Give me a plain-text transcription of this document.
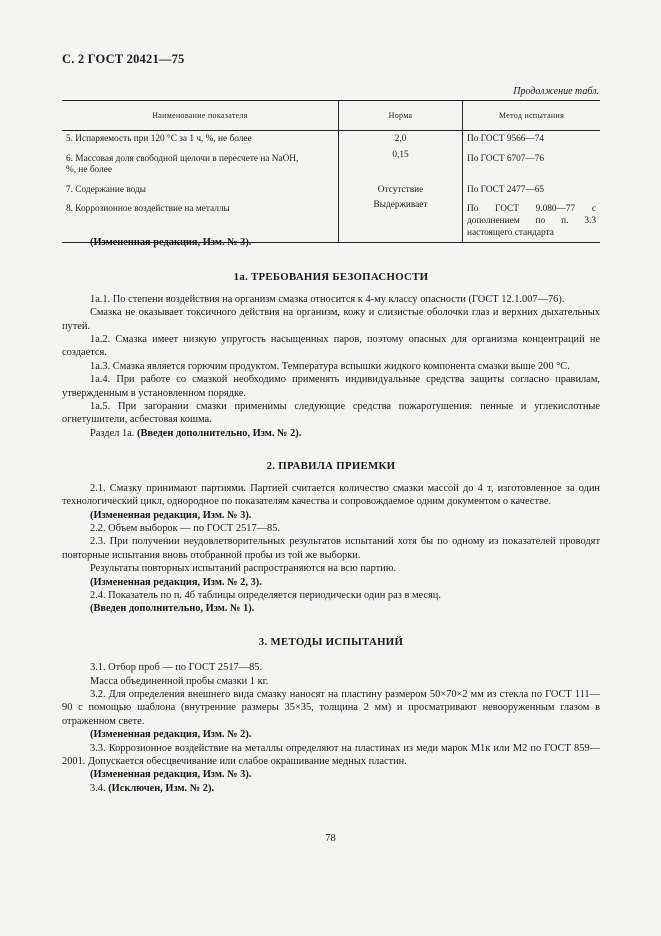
С. 2 ГОСТ 20421—75
Продолжение табл.
Наименование показателя	Норма	Метод испытания
5. Испаряемость при 120 °С за 1 ч, %, не более	2,0	По ГОСТ 9566—74
6. Массовая доля свободной щелочи в пересчете на NaOH, %, не более	0,15	По ГОСТ 6707—76
7. Содержание воды	Отсутствие	По ГОСТ 2477—65
8. Коррозионное воздействие на металлы	Выдерживает	По ГОСТ 9.080—77 с дополнением по п. 3.3 настоящего стандарта

(Измененная редакция, Изм. № 3).

1а. ТРЕБОВАНИЯ БЕЗОПАСНОСТИ

1а.1. По степени воздействия на организм смазка относится к 4-му классу опасности (ГОСТ 12.1.007—76).

Смазка не оказывает токсичного действия на организм, кожу и слизистые оболочки глаз и верхних дыхательных путей.

1а.2. Смазка имеет низкую упругость насыщенных паров, поэтому опасных для организма концентраций не создается.

1а.3. Смазка является горючим продуктом. Температура вспышки жидкого компонента смазки выше 200 °С.

1а.4. При работе со смазкой необходимо применять индивидуальные средства защиты согласно правилам, утвержденным в установленном порядке.

1а.5. При загорании смазки применимы следующие средства пожаротушения: пенные и углекислотные огнетушители, асбестовая кошма.

Раздел 1а. (Введен дополнительно, Изм. № 2).

2. ПРАВИЛА ПРИЕМКИ

2.1. Смазку принимают партиями. Партией считается количество смазки массой до 4 т, изготовленное за один технологический цикл, однородное по показателям качества и сопровождаемое одним документом о качестве.

(Измененная редакция, Изм. № 3).

2.2. Объем выборок — по ГОСТ 2517—85.

2.3. При получении неудовлетворительных результатов испытаний хотя бы по одному из показателей проводят повторные испытания вновь отобранной пробы из той же выборки.

Результаты повторных испытаний распространяются на всю партию.

(Измененная редакция, Изм. № 2, 3).

2.4. Показатель по п. 4б таблицы определяется периодически один раз в месяц.

(Введен дополнительно, Изм. № 1).

3. МЕТОДЫ ИСПЫТАНИЙ

3.1. Отбор проб — по ГОСТ 2517—85.

Масса объединенной пробы смазки 1 кг.

3.2. Для определения внешнего вида смазку наносят на пластину размером 50×70×2 мм из стекла по ГОСТ 111—90 с помощью шаблона (внутренние размеры 35×35, толщина 2 мм) и просматривают невооруженным глазом в отраженном свете.

(Измененная редакция, Изм. № 2).

3.3. Коррозионное воздействие на металлы определяют на пластинах из меди марок М1к или М2 по ГОСТ 859—2001. Допускается обесцвечивание или слабое окрашивание медных пластин.

(Измененная редакция, Изм. № 3).

3.4. (Исключен, Изм. № 2).

78
